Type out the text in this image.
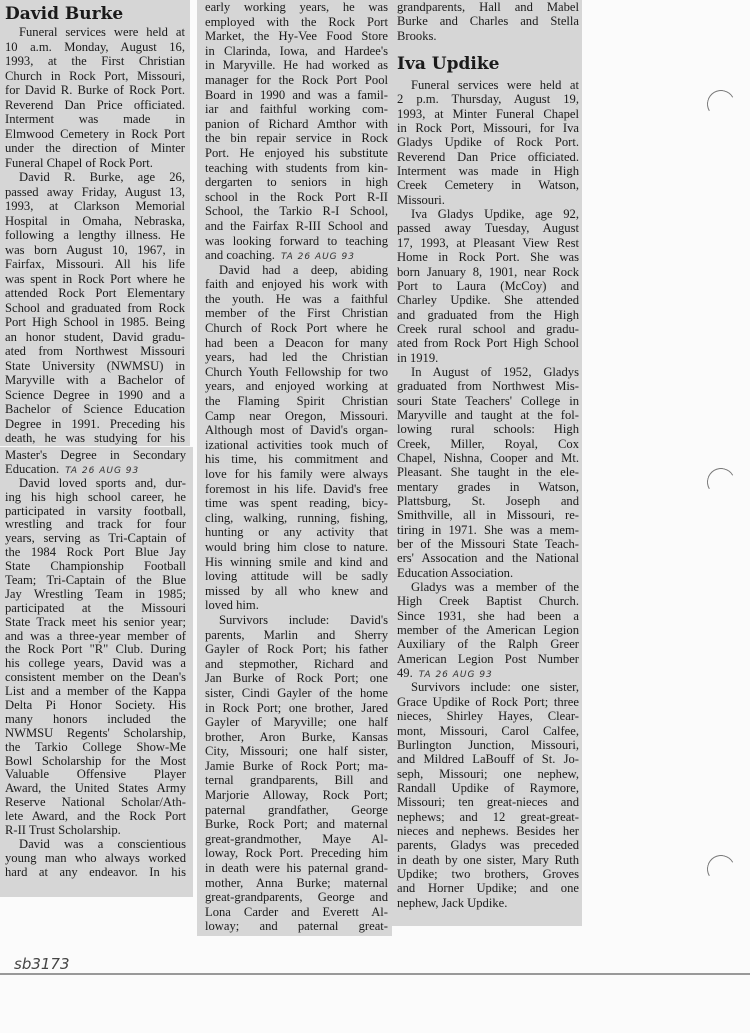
David Burke
Funeral services were held at
10 a.m. Monday, August 16,
1993, at the First Christian
Church in Rock Port, Missouri,
for David R. Burke of Rock Port.
Reverend Dan Price officiated.
Interment was made in
Elmwood Cemetery in Rock Port
under the direction of Minter
Funeral Chapel of Rock Port.
David R. Burke, age 26,
passed away Friday, August 13,
1993, at Clarkson Memorial
Hospital in Omaha, Nebraska,
following a lengthy illness. He
was born August 10, 1967, in
Fairfax, Missouri. All his life
was spent in Rock Port where he
attended Rock Port Elementary
School and graduated from Rock
Port High School in 1985. Being
an honor student, David gradu-
ated from Northwest Missouri
State University (NWMSU) in
Maryville with a Bachelor of
Science Degree in 1990 and a
Bachelor of Science Education
Degree in 1991. Preceding his
death, he was studying for his
Master's Degree in Secondary
Education. TA 26 AUG 93
David loved sports and, dur-
ing his high school career, he
participated in varsity football,
wrestling and track for four
years, serving as Tri-Captain of
the 1984 Rock Port Blue Jay
State Championship Football
Team; Tri-Captain of the Blue
Jay Wrestling Team in 1985;
participated at the Missouri
State Track meet his senior year;
and was a three-year member of
the Rock Port "R" Club. During
his college years, David was a
consistent member on the Dean's
List and a member of the Kappa
Delta Pi Honor Society. His
many honors included the
NWMSU Regents' Scholarship,
the Tarkio College Show-Me
Bowl Scholarship for the Most
Valuable Offensive Player
Award, the United States Army
Reserve National Scholar/Ath-
lete Award, and the Rock Port
R-II Trust Scholarship.
David was a conscientious
young man who always worked
hard at any endeavor. In his
early working years, he was
employed with the Rock Port
Market, the Hy-Vee Food Store
in Clarinda, Iowa, and Hardee's
in Maryville. He had worked as
manager for the Rock Port Pool
Board in 1990 and was a famil-
iar and faithful working com-
panion of Richard Amthor with
the bin repair service in Rock
Port. He enjoyed his substitute
teaching with students from kin-
dergarten to seniors in high
school in the Rock Port R-II
School, the Tarkio R-I School,
and the Fairfax R-III School and
was looking forward to teaching
and coaching. TA 26 AUG 93
David had a deep, abiding
faith and enjoyed his work with
the youth. He was a faithful
member of the First Christian
Church of Rock Port where he
had been a Deacon for many
years, had led the Christian
Church Youth Fellowship for two
years, and enjoyed working at
the Flaming Spirit Christian
Camp near Oregon, Missouri.
Although most of David's organ-
izational activities took much of
his time, his commitment and
love for his family were always
foremost in his life. David's free
time was spent reading, bicy-
cling, walking, running, fishing,
hunting or any activity that
would bring him close to nature.
His winning smile and kind and
loving attitude will be sadly
missed by all who knew and
loved him.
Survivors include: David's
parents, Marlin and Sherry
Gayler of Rock Port; his father
and stepmother, Richard and
Jan Burke of Rock Port; one
sister, Cindi Gayler of the home
in Rock Port; one brother, Jared
Gayler of Maryville; one half
brother, Aron Burke, Kansas
City, Missouri; one half sister,
Jamie Burke of Rock Port; ma-
ternal grandparents, Bill and
Marjorie Alloway, Rock Port;
paternal grandfather, George
Burke, Rock Port; and maternal
great-grandmother, Maye Al-
loway, Rock Port. Preceding him
in death were his paternal grand-
mother, Anna Burke; maternal
great-grandparents, George and
Lona Carder and Everett Al-
loway; and paternal great-
grandparents, Hall and Mabel
Burke and Charles and Stella
Brooks.
Iva Updike
Funeral services were held at
2 p.m. Thursday, August 19,
1993, at Minter Funeral Chapel
in Rock Port, Missouri, for Iva
Gladys Updike of Rock Port.
Reverend Dan Price officiated.
Interment was made in High
Creek Cemetery in Watson,
Missouri.
Iva Gladys Updike, age 92,
passed away Tuesday, August
17, 1993, at Pleasant View Rest
Home in Rock Port. She was
born January 8, 1901, near Rock
Port to Laura (McCoy) and
Charley Updike. She attended
and graduated from the High
Creek rural school and gradu-
ated from Rock Port High School
in 1919.
In August of 1952, Gladys
graduated from Northwest Mis-
souri State Teachers' College in
Maryville and taught at the fol-
lowing rural schools: High
Creek, Miller, Royal, Cox
Chapel, Nishna, Cooper and Mt.
Pleasant. She taught in the ele-
mentary grades in Watson,
Plattsburg, St. Joseph and
Smithville, all in Missouri, re-
tiring in 1971. She was a mem-
ber of the Missouri State Teach-
ers' Assocation and the National
Education Association.
Gladys was a member of the
High Creek Baptist Church.
Since 1931, she had been a
member of the American Legion
Auxiliary of the Ralph Greer
American Legion Post Number
49. TA 26 AUG 93
Survivors include: one sister,
Grace Updike of Rock Port; three
nieces, Shirley Hayes, Clear-
mont, Missouri, Carol Calfee,
Burlington Junction, Missouri,
and Mildred LaBouff of St. Jo-
seph, Missouri; one nephew,
Randall Updike of Raymore,
Missouri; ten great-nieces and
nephews; and 12 great-great-
nieces and nephews. Besides her
parents, Gladys was preceded
in death by one sister, Mary Ruth
Updike; two brothers, Groves
and Horner Updike; and one
nephew, Jack Updike.
sb3173
